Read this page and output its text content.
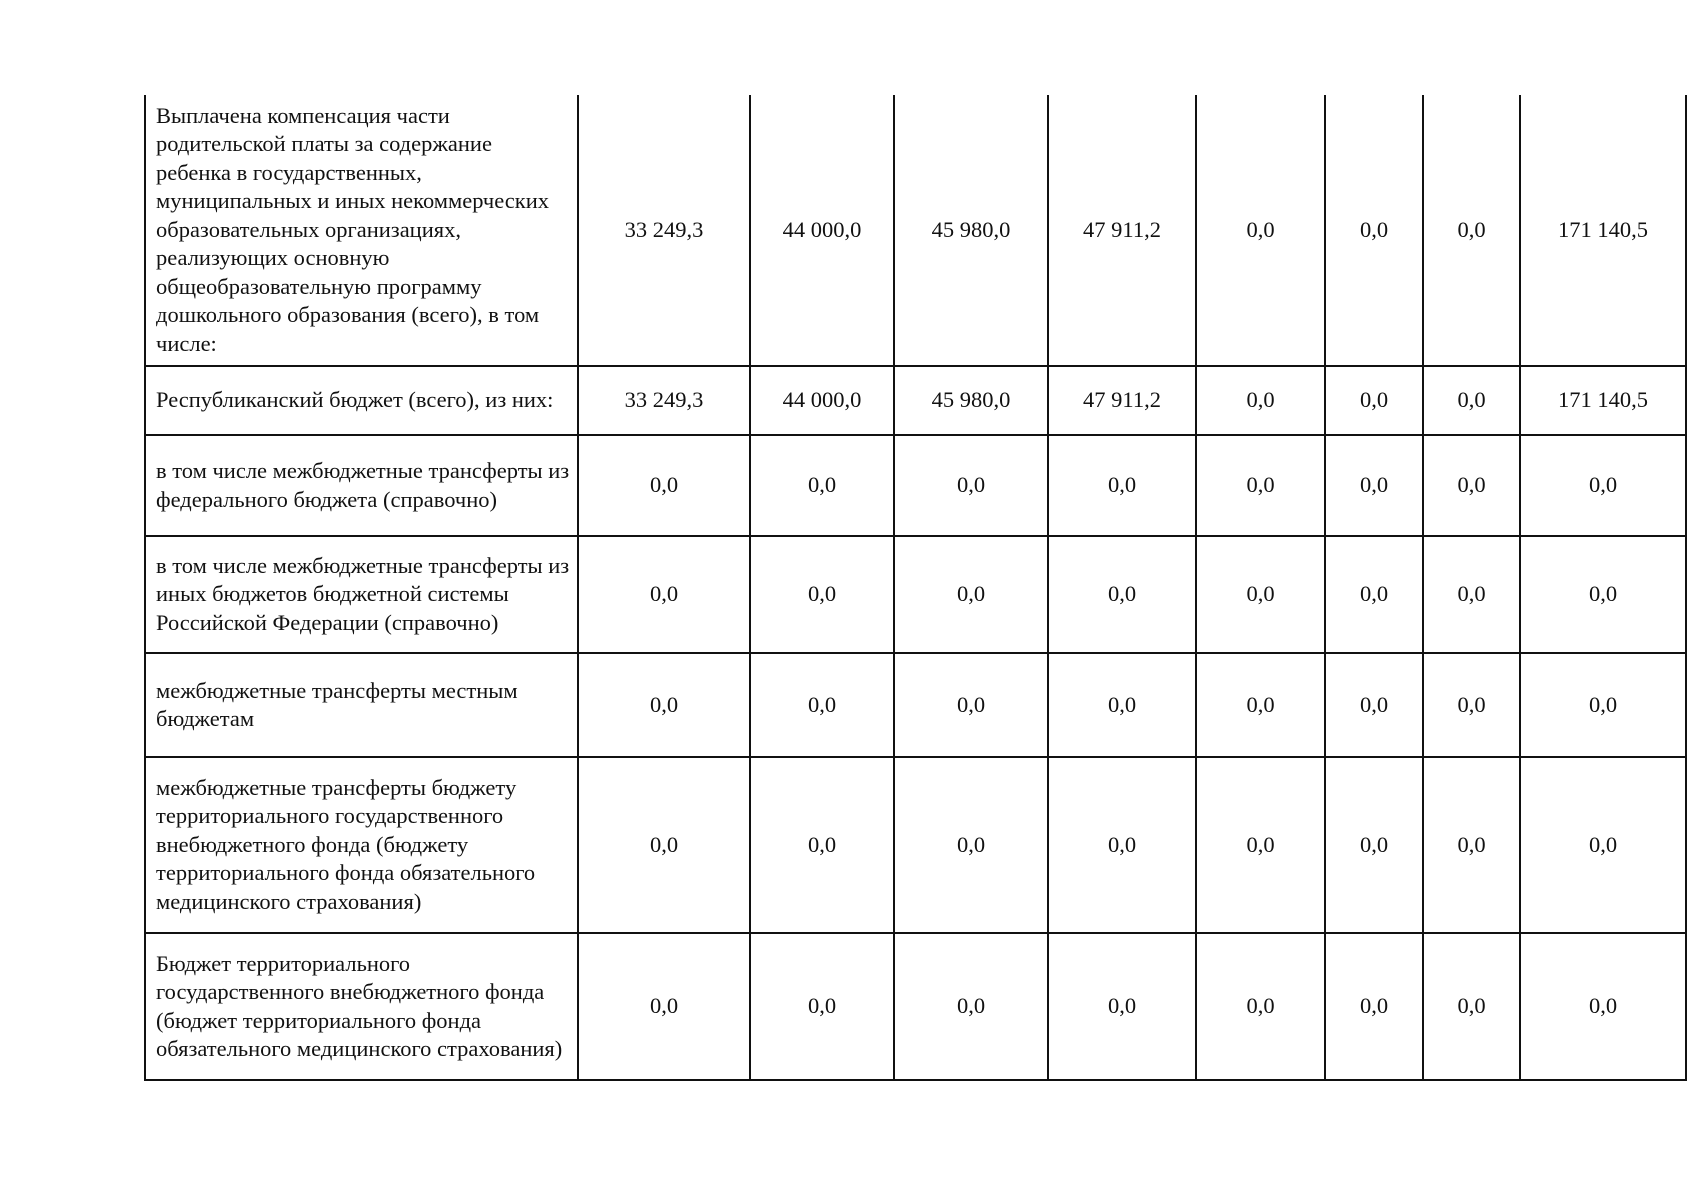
Выплачена компенсация части родительской платы за содержание ребенка в государственных, муниципальных и иных некоммерческих образовательных организациях, реализующих основную общеобразовательную программу дошкольного образования (всего), в том числе:	33 249,3	44 000,0	45 980,0	47 911,2	0,0	0,0	0,0	171 140,5
Республиканский бюджет (всего), из них:	33 249,3	44 000,0	45 980,0	47 911,2	0,0	0,0	0,0	171 140,5
в том числе межбюджетные трансферты из федерального бюджета (справочно)	0,0	0,0	0,0	0,0	0,0	0,0	0,0	0,0
в том числе межбюджетные трансферты из иных бюджетов бюджетной системы Российской Федерации (справочно)	0,0	0,0	0,0	0,0	0,0	0,0	0,0	0,0
межбюджетные трансферты местным бюджетам	0,0	0,0	0,0	0,0	0,0	0,0	0,0	0,0
межбюджетные трансферты бюджету территориального государственного внебюджетного фонда (бюджету территориального фонда обязательного медицинского страхования)	0,0	0,0	0,0	0,0	0,0	0,0	0,0	0,0
Бюджет территориального государственного внебюджетного фонда (бюджет территориального фонда обязательного медицинского страхования)	0,0	0,0	0,0	0,0	0,0	0,0	0,0	0,0
